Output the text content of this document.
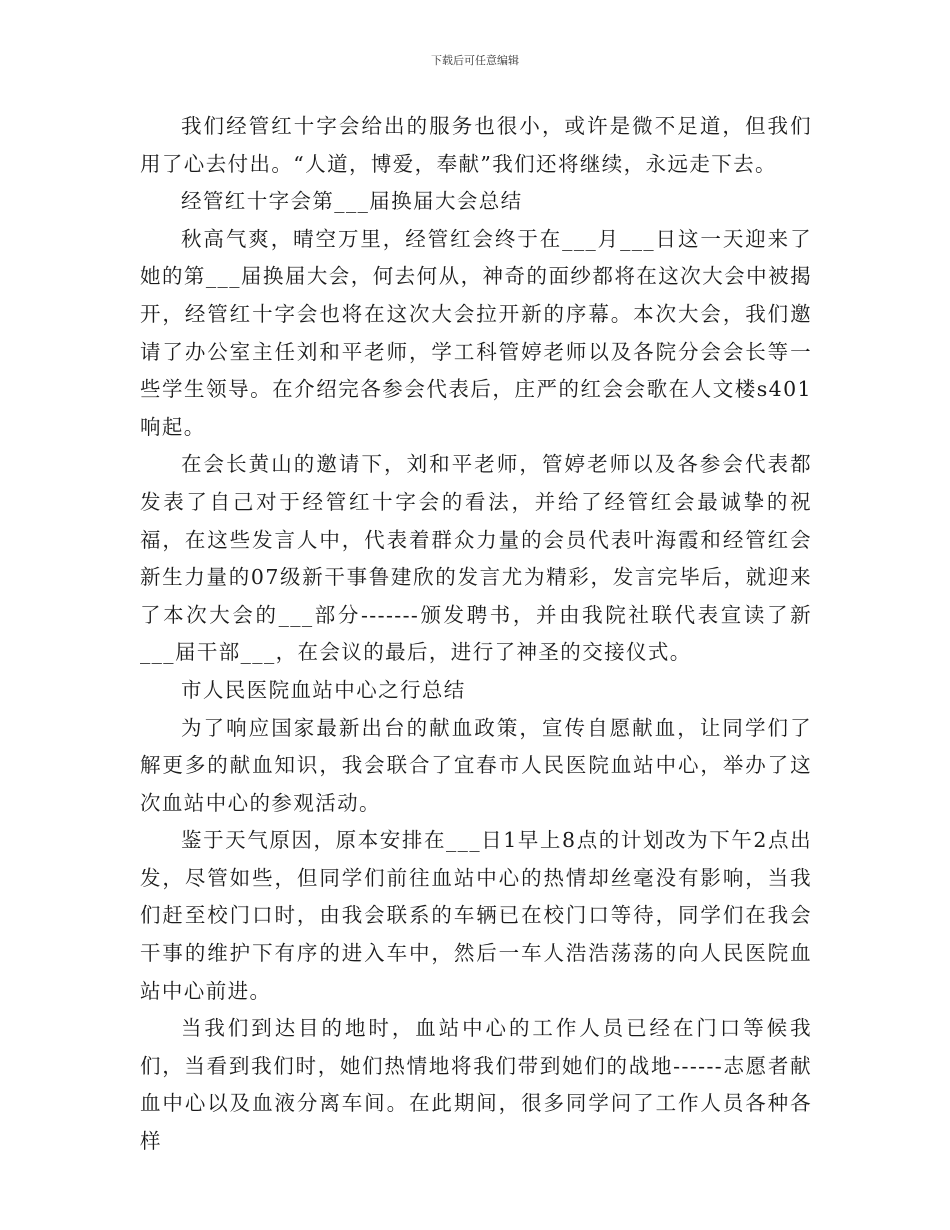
下载后可任意编辑

我们经管红十字会给出的服务也很小，或许是微不足道，但我们用了心去付出。“人道，博爱，奉献”我们还将继续，永远走下去。

经管红十字会第___届换届大会总结

秋高气爽，晴空万里，经管红会终于在___月___日这一天迎来了她的第___届换届大会，何去何从，神奇的面纱都将在这次大会中被揭开，经管红十字会也将在这次大会拉开新的序幕。本次大会，我们邀请了办公室主任刘和平老师，学工科管婷老师以及各院分会会长等一些学生领导。在介绍完各参会代表后，庄严的红会会歌在人文楼s401响起。

在会长黄山的邀请下，刘和平老师，管婷老师以及各参会代表都发表了自己对于经管红十字会的看法，并给了经管红会最诚挚的祝福，在这些发言人中，代表着群众力量的会员代表叶海霞和经管红会新生力量的07级新干事鲁建欣的发言尤为精彩，发言完毕后，就迎来了本次大会的___部分-------颁发聘书，并由我院社联代表宣读了新___届干部___，在会议的最后，进行了神圣的交接仪式。

市人民医院血站中心之行总结

为了响应国家最新出台的献血政策，宣传自愿献血，让同学们了解更多的献血知识，我会联合了宜春市人民医院血站中心，举办了这次血站中心的参观活动。

鉴于天气原因，原本安排在___日1早上8点的计划改为下午2点出发，尽管如些，但同学们前往血站中心的热情却丝毫没有影响，当我们赶至校门口时，由我会联系的车辆已在校门口等待，同学们在我会干事的维护下有序的进入车中，然后一车人浩浩荡荡的向人民医院血站中心前进。

当我们到达目的地时，血站中心的工作人员已经在门口等候我们，当看到我们时，她们热情地将我们带到她们的战地------志愿者献血中心以及血液分离车间。在此期间，很多同学问了工作人员各种各样
